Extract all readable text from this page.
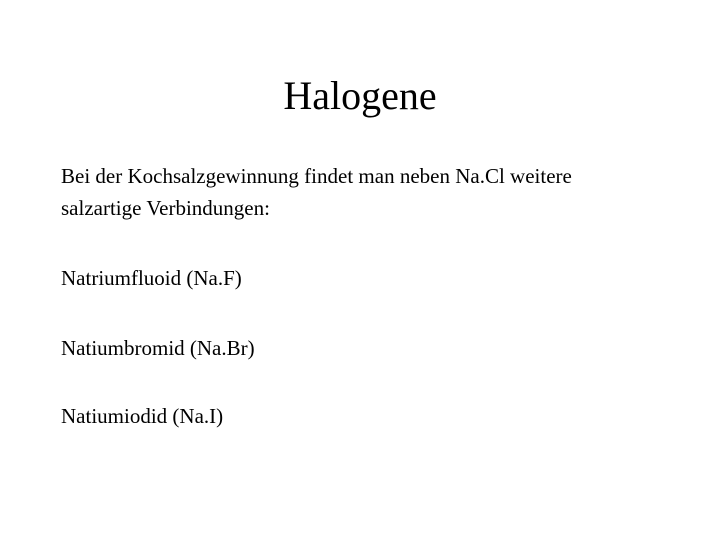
Halogene

Bei der Kochsalzgewinnung findet man neben Na.Cl weitere

salzartige Verbindungen:

Natriumfluoid (Na.F)

Natiumbromid (Na.Br)

Natiumiodid (Na.I)
